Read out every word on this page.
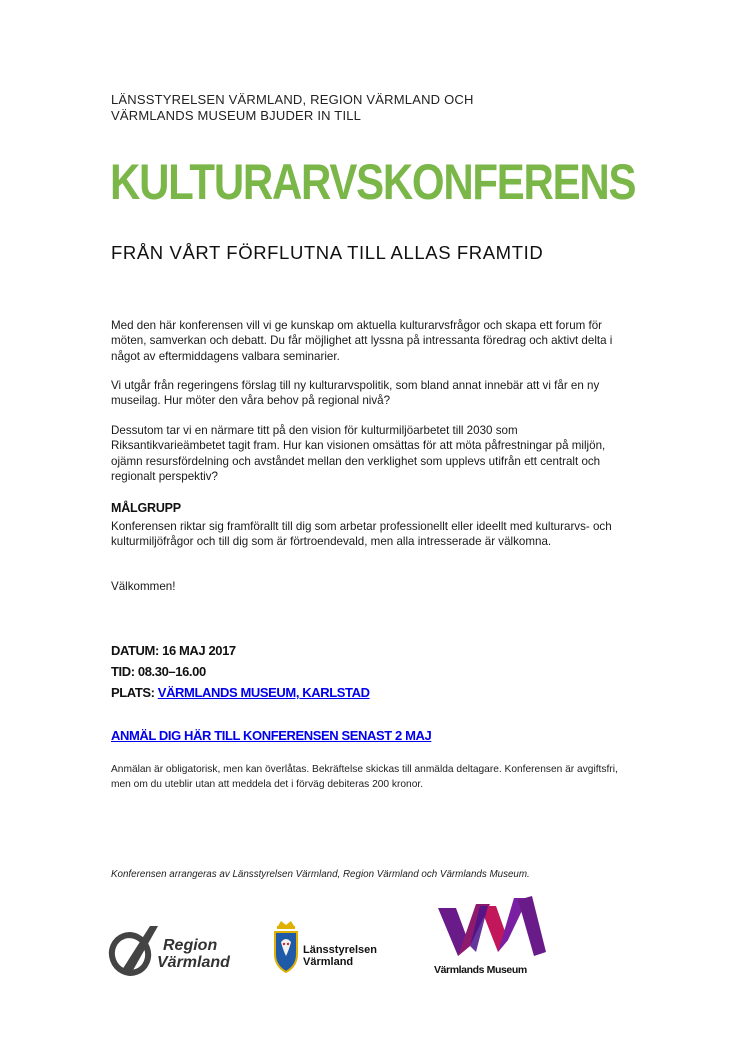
LÄNSSTYRELSEN VÄRMLAND, REGION VÄRMLAND OCH
VÄRMLANDS MUSEUM BJUDER IN TILL
KULTURARVSKONFERENS
FRÅN VÅRT FÖRFLUTNA TILL ALLAS FRAMTID
Med den här konferensen vill vi ge kunskap om aktuella kulturarvsfrågor och skapa ett forum för möten, samverkan och debatt. Du får möjlighet att lyssna på intressanta föredrag och aktivt delta i något av eftermiddagens valbara seminarier.
Vi utgår från regeringens förslag till ny kulturarvspolitik, som bland annat innebär att vi får en ny museilag. Hur möter den våra behov på regional nivå?
Dessutom tar vi en närmare titt på den vision för kulturmiljöarbetet till 2030 som Riksantikvarieämbetet tagit fram. Hur kan visionen omsättas för att möta påfrestningar på miljön, ojämn resursfördelning och avståndet mellan den verklighet som upplevs utifrån ett centralt och regionalt perspektiv?
MÅLGRUPP
Konferensen riktar sig framförallt till dig som arbetar professionellt eller ideellt med kulturarvs- och kulturmiljöfrågor och till dig som är förtroendevald, men alla intresserade är välkomna.
Välkommen!
DATUM: 16 MAJ 2017
TID: 08.30–16.00
PLATS: VÄRMLANDS MUSEUM, KARLSTAD
ANMÄL DIG HÄR TILL KONFERENSEN SENAST 2 MAJ
Anmälan är obligatorisk, men kan överlåtas. Bekräftelse skickas till anmälda deltagare. Konferensen är avgiftsfri, men om du uteblir utan att meddela det i förväg debiteras 200 kronor.
Konferensen arrangeras av Länsstyrelsen Värmland, Region Värmland och Värmlands Museum.
Region
Värmland
Länsstyrelsen
Värmland
Värmlands Museum
